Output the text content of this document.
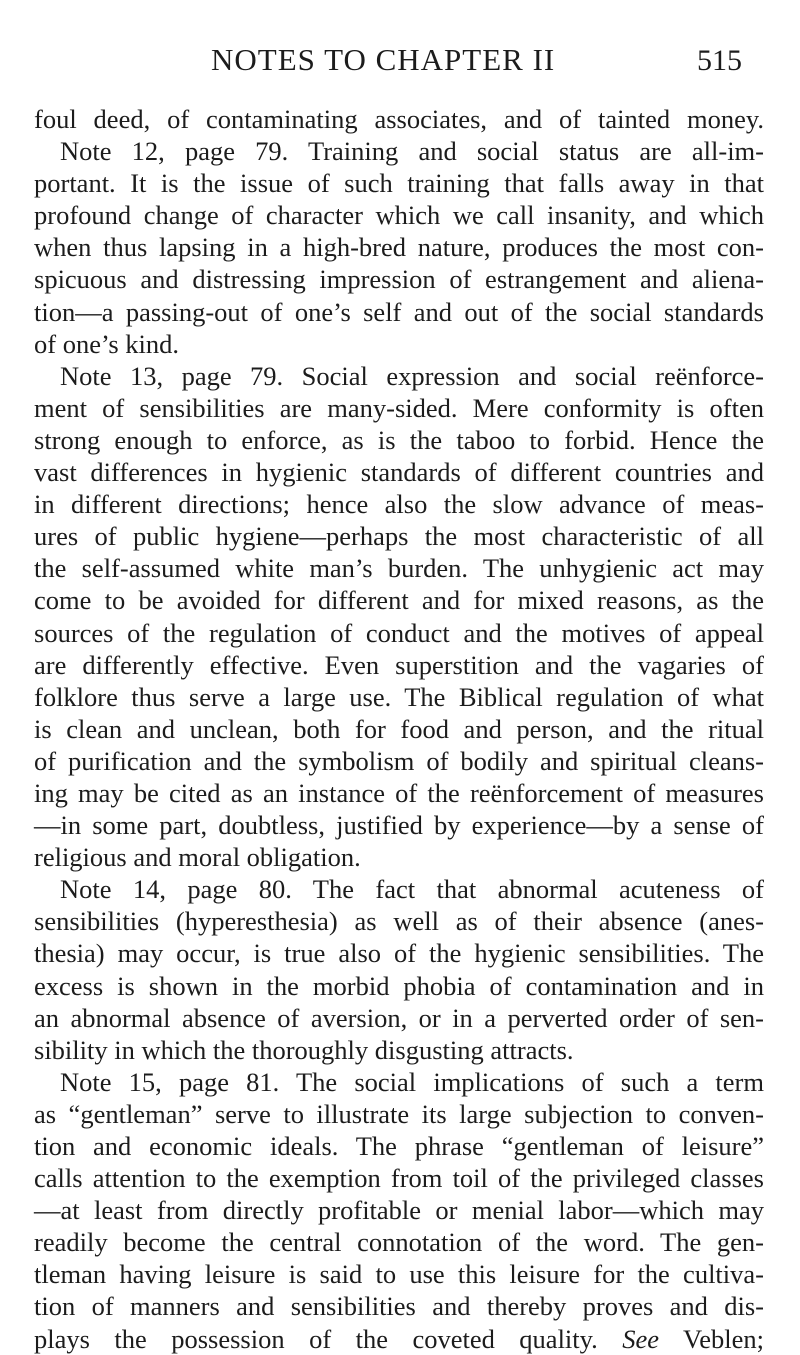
NOTES TO CHAPTER II	515
foul deed, of contaminating associates, and of tainted money.
Note 12, page 79. Training and social status are all-im-
portant. It is the issue of such training that falls away in that
profound change of character which we call insanity, and which
when thus lapsing in a high-bred nature, produces the most con-
spicuous and distressing impression of estrangement and aliena-
tion—a passing-out of one’s self and out of the social standards
of one’s kind.
Note 13, page 79. Social expression and social reënforce-
ment of sensibilities are many-sided. Mere conformity is often
strong enough to enforce, as is the taboo to forbid. Hence the
vast differences in hygienic standards of different countries and
in different directions; hence also the slow advance of meas-
ures of public hygiene—perhaps the most characteristic of all
the self-assumed white man’s burden. The unhygienic act may
come to be avoided for different and for mixed reasons, as the
sources of the regulation of conduct and the motives of appeal
are differently effective. Even superstition and the vagaries of
folklore thus serve a large use. The Biblical regulation of what
is clean and unclean, both for food and person, and the ritual
of purification and the symbolism of bodily and spiritual cleans-
ing may be cited as an instance of the reënforcement of measures
—in some part, doubtless, justified by experience—by a sense of
religious and moral obligation.
Note 14, page 80. The fact that abnormal acuteness of
sensibilities (hyperesthesia) as well as of their absence (anes-
thesia) may occur, is true also of the hygienic sensibilities. The
excess is shown in the morbid phobia of contamination and in
an abnormal absence of aversion, or in a perverted order of sen-
sibility in which the thoroughly disgusting attracts.
Note 15, page 81. The social implications of such a term
as “gentleman” serve to illustrate its large subjection to conven-
tion and economic ideals. The phrase “gentleman of leisure”
calls attention to the exemption from toil of the privileged classes
—at least from directly profitable or menial labor—which may
readily become the central connotation of the word. The gen-
tleman having leisure is said to use this leisure for the cultiva-
tion of manners and sensibilities and thereby proves and dis-
plays the possession of the coveted quality. See Veblen;
